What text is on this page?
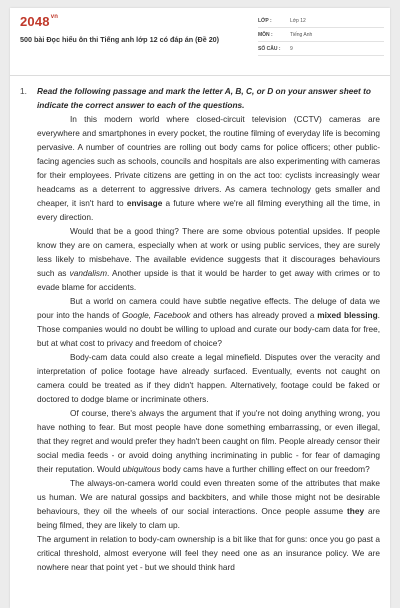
$2048^{vn}$
500 bài Đọc hiểu ôn thi Tiếng anh lớp 12 có đáp án (Đề 20)
LỚP :	Lớp 12
MÔN :	Tiếng Anh
SỐ CÂU :	9
1.	Read the following passage and mark the letter A, B, C, or D on your answer sheet to indicate the correct answer to each of the questions.

In this modern world where closed-circuit television (CCTV) cameras are everywhere and smartphones in every pocket, the routine filming of everyday life is becoming pervasive. A number of countries are rolling out body cams for police officers; other public-facing agencies such as schools, councils and hospitals are also experimenting with cameras for their employees. Private citizens are getting in on the act too: cyclists increasingly wear headcams as a deterrent to aggressive drivers. As camera technology gets smaller and cheaper, it isn't hard to envisage a future where we're all filming everything all the time, in every direction.

Would that be a good thing? There are some obvious potential upsides. If people know they are on camera, especially when at work or using public services, they are surely less likely to misbehave. The available evidence suggests that it discourages behaviours such as vandalism. Another upside is that it would be harder to get away with crimes or to evade blame for accidents.

But a world on camera could have subtle negative effects. The deluge of data we pour into the hands of Google, Facebook and others has already proved a mixed blessing. Those companies would no doubt be willing to upload and curate our body-cam data for free, but at what cost to privacy and freedom of choice?

Body-cam data could also create a legal minefield. Disputes over the veracity and interpretation of police footage have already surfaced. Eventually, events not caught on camera could be treated as if they didn't happen. Alternatively, footage could be faked or doctored to dodge blame or incriminate others.

Of course, there's always the argument that if you're not doing anything wrong, you have nothing to fear. But most people have done something embarrassing, or even illegal, that they regret and would prefer they hadn't been caught on film. People already censor their social media feeds - or avoid doing anything incriminating in public - for fear of damaging their reputation. Would ubiquitous body cams have a further chilling effect on our freedom?

The always-on-camera world could even threaten some of the attributes that make us human. We are natural gossips and backbiters, and while those might not be desirable behaviours, they oil the wheels of our social interactions. Once people assume they are being filmed, they are likely to clam up.

The argument in relation to body-cam ownership is a bit like that for guns: once you go past a critical threshold, almost everyone will feel they need one as an insurance policy. We are nowhere near that point yet - but we should think hard
